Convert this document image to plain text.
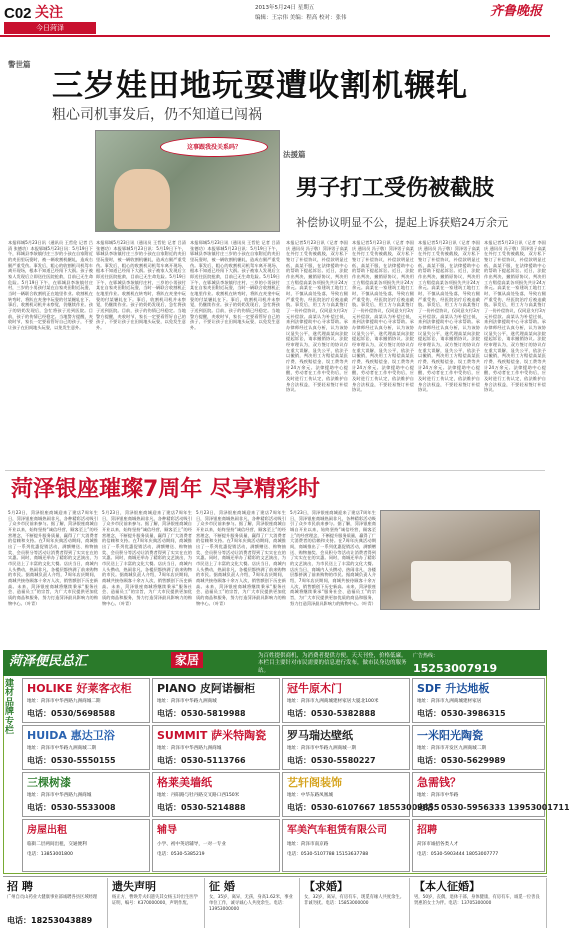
C02 关注
今日菏泽
2013年5月24日 星期五
编辑：王宗伟 美编：程高 校对：张伟	齐鲁晚报
警世篇
三岁娃田地玩耍遭收割机辗轧
粗心司机事发后，仍不知道已闯祸
这事跟我没关系吗？
本报郓城5月23日讯（通讯员 王哲伦 记者 吕清 张德功）本报郓城5月23日讯：5月19日下午，郓城县李垓镇付庄三岁的小孩在自家附近的麦田里玩耍时，被一辆收割机辗轧，造成右腿严重受伤。事发后，粗心的收割机司机驾车离开现场，根本不知道已经闯下大祸。孩子被家人发现后立即送往医院抢救，目前已无生命危险。5月19日下午，在郓城县李垓镇付庄村，三岁的小男孩付某在自家麦田附近玩耍，当时一辆联合收割机正在地里作业。收割机在转弯时，将趴在麦垄中玩耍的付某辗轧在下。事后，收割机司机并未察觉，仍继续作业。孩子的奶奶发现后，急忙将孩子送到医院。目前，孩子的伤情已经稳定。当地警方提醒，麦收时节，家长一定要看管好自己的孩子，不要让孩子在田间地头玩耍，以免发生意外。
本报郓城5月23日讯（通讯员 王哲伦 记者 吕清 张德功）本报郓城5月23日讯：5月19日下午，郓城县李垓镇付庄三岁的小孩在自家附近的麦田里玩耍时，被一辆收割机辗轧，造成右腿严重受伤。事发后，粗心的收割机司机驾车离开现场，根本不知道已经闯下大祸。孩子被家人发现后立即送往医院抢救，目前已无生命危险。5月19日下午，在郓城县李垓镇付庄村，三岁的小男孩付某在自家麦田附近玩耍，当时一辆联合收割机正在地里作业。收割机在转弯时，将趴在麦垄中玩耍的付某辗轧在下。事后，收割机司机并未察觉，仍继续作业。孩子的奶奶发现后，急忙将孩子送到医院。目前，孩子的伤情已经稳定。当地警方提醒，麦收时节，家长一定要看管好自己的孩子，不要让孩子在田间地头玩耍，以免发生意外。
本报郓城5月23日讯（通讯员 王哲伦 记者 吕清 张德功）本报郓城5月23日讯：5月19日下午，郓城县李垓镇付庄三岁的小孩在自家附近的麦田里玩耍时，被一辆收割机辗轧，造成右腿严重受伤。事发后，粗心的收割机司机驾车离开现场，根本不知道已经闯下大祸。孩子被家人发现后立即送往医院抢救，目前已无生命危险。5月19日下午，在郓城县李垓镇付庄村，三岁的小男孩付某在自家麦田附近玩耍，当时一辆联合收割机正在地里作业。收割机在转弯时，将趴在麦垄中玩耍的付某辗轧在下。事后，收割机司机并未察觉，仍继续作业。孩子的奶奶发现后，急忙将孩子送到医院。目前，孩子的伤情已经稳定。当地警方提醒，麦收时节，家长一定要看管好自己的孩子，不要让孩子在田间地头玩耍，以免发生意外。
法援篇
男子打工受伤被截肢
补偿协议明显不公，提起上诉获赔24万余元
本报记者5月23日讯（记者 李国庆 通讯员 冯子敬）菏泽男子高某在外打工受伤被截肢，双方私下签订了补偿协议，补偿款明显过低，高某不服，在法律援助中心的帮助下提起诉讼。近日，法院作出判决，撤销原协议，判决用工方赔偿高某各项损失共计24万余元。高某在一家建筑工地打工时，不慎从高处坠落，导致右腿严重受伤，经医院治疗后被迫截肢。事发后，用工方与高某签订了一份补偿协议，仅同意支付3万元补偿款。高某认为补偿过低，来到法律援助中心寻求帮助。承办律师经过认真分析，认为该协议显失公平，遂代理高某向法院提起诉讼，请求撤销协议。法院经审理认为，双方签订的协议存在重大误解，显失公平，依法予以撤销，判决用工方赔偿高某医疗费、残疾赔偿金、误工费等共计24万余元。法律援助中心提醒，劳动者在工作中受伤后，应及时进行工伤认定，依法维护自身合法权益，不要轻易签订补偿协议。
本报记者5月23日讯（记者 李国庆 通讯员 冯子敬）菏泽男子高某在外打工受伤被截肢，双方私下签订了补偿协议，补偿款明显过低，高某不服，在法律援助中心的帮助下提起诉讼。近日，法院作出判决，撤销原协议，判决用工方赔偿高某各项损失共计24万余元。高某在一家建筑工地打工时，不慎从高处坠落，导致右腿严重受伤，经医院治疗后被迫截肢。事发后，用工方与高某签订了一份补偿协议，仅同意支付3万元补偿款。高某认为补偿过低，来到法律援助中心寻求帮助。承办律师经过认真分析，认为该协议显失公平，遂代理高某向法院提起诉讼，请求撤销协议。法院经审理认为，双方签订的协议存在重大误解，显失公平，依法予以撤销，判决用工方赔偿高某医疗费、残疾赔偿金、误工费等共计24万余元。法律援助中心提醒，劳动者在工作中受伤后，应及时进行工伤认定，依法维护自身合法权益，不要轻易签订补偿协议。
本报记者5月23日讯（记者 李国庆 通讯员 冯子敬）菏泽男子高某在外打工受伤被截肢，双方私下签订了补偿协议，补偿款明显过低，高某不服，在法律援助中心的帮助下提起诉讼。近日，法院作出判决，撤销原协议，判决用工方赔偿高某各项损失共计24万余元。高某在一家建筑工地打工时，不慎从高处坠落，导致右腿严重受伤，经医院治疗后被迫截肢。事发后，用工方与高某签订了一份补偿协议，仅同意支付3万元补偿款。高某认为补偿过低，来到法律援助中心寻求帮助。承办律师经过认真分析，认为该协议显失公平，遂代理高某向法院提起诉讼，请求撤销协议。法院经审理认为，双方签订的协议存在重大误解，显失公平，依法予以撤销，判决用工方赔偿高某医疗费、残疾赔偿金、误工费等共计24万余元。法律援助中心提醒，劳动者在工作中受伤后，应及时进行工伤认定，依法维护自身合法权益，不要轻易签订补偿协议。
本报记者5月23日讯（记者 李国庆 通讯员 冯子敬）菏泽男子高某在外打工受伤被截肢，双方私下签订了补偿协议，补偿款明显过低，高某不服，在法律援助中心的帮助下提起诉讼。近日，法院作出判决，撤销原协议，判决用工方赔偿高某各项损失共计24万余元。高某在一家建筑工地打工时，不慎从高处坠落，导致右腿严重受伤，经医院治疗后被迫截肢。事发后，用工方与高某签订了一份补偿协议，仅同意支付3万元补偿款。高某认为补偿过低，来到法律援助中心寻求帮助。承办律师经过认真分析，认为该协议显失公平，遂代理高某向法院提起诉讼，请求撤销协议。法院经审理认为，双方签订的协议存在重大误解，显失公平，依法予以撤销，判决用工方赔偿高某医疗费、残疾赔偿金、误工费等共计24万余元。法律援助中心提醒，劳动者在工作中受伤后，应及时进行工伤认定，依法维护自身合法权益，不要轻易签订补偿协议。
菏泽银座璀璨7周年 尽享精彩时
5月23日，菏泽银座商城迎来了建店7周年生日，菏泽银座商城热闹非凡，各种精彩活动吸引了众多市民前来参与。据了解，菏泽银座商城自开业以来，始终坚持“诚信经营，顾客至上”的经营理念，不断提升服务质量，赢得了广大消费者的信赖和支持。在7周年庆典活动期间，商城推出了一系列优惠促销活动，满额赠送、购物抽奖、会员积分等活动让消费者得到了实实在在的实惠。同时，商城还举办了精彩的文艺演出，为市民送上了丰富的文化大餐。店庆当日，商城内人头攒动，热闹非凡，各楼层都挤满了前来购物的市民。据商城负责人介绍，7周年店庆期间，商城共接待顾客十余万人次，销售额创下历史新高。未来，菏泽银座商城将继续秉承“服务社会、造福员工”的宗旨，为广大市民提供更加优质的商品和服务，努力打造菏泽最具影响力的购物中心。（叶青）
5月23日，菏泽银座商城迎来了建店7周年生日，菏泽银座商城热闹非凡，各种精彩活动吸引了众多市民前来参与。据了解，菏泽银座商城自开业以来，始终坚持“诚信经营，顾客至上”的经营理念，不断提升服务质量，赢得了广大消费者的信赖和支持。在7周年庆典活动期间，商城推出了一系列优惠促销活动，满额赠送、购物抽奖、会员积分等活动让消费者得到了实实在在的实惠。同时，商城还举办了精彩的文艺演出，为市民送上了丰富的文化大餐。店庆当日，商城内人头攒动，热闹非凡，各楼层都挤满了前来购物的市民。据商城负责人介绍，7周年店庆期间，商城共接待顾客十余万人次，销售额创下历史新高。未来，菏泽银座商城将继续秉承“服务社会、造福员工”的宗旨，为广大市民提供更加优质的商品和服务，努力打造菏泽最具影响力的购物中心。（叶青）
5月23日，菏泽银座商城迎来了建店7周年生日，菏泽银座商城热闹非凡，各种精彩活动吸引了众多市民前来参与。据了解，菏泽银座商城自开业以来，始终坚持“诚信经营，顾客至上”的经营理念，不断提升服务质量，赢得了广大消费者的信赖和支持。在7周年庆典活动期间，商城推出了一系列优惠促销活动，满额赠送、购物抽奖、会员积分等活动让消费者得到了实实在在的实惠。同时，商城还举办了精彩的文艺演出，为市民送上了丰富的文化大餐。店庆当日，商城内人头攒动，热闹非凡，各楼层都挤满了前来购物的市民。据商城负责人介绍，7周年店庆期间，商城共接待顾客十余万人次，销售额创下历史新高。未来，菏泽银座商城将继续秉承“服务社会、造福员工”的宗旨，为广大市民提供更加优质的商品和服务，努力打造菏泽最具影响力的购物中心。（叶青）
5月23日，菏泽银座商城迎来了建店7周年生日，菏泽银座商城热闹非凡，各种精彩活动吸引了众多市民前来参与。据了解，菏泽银座商城自开业以来，始终坚持“诚信经营，顾客至上”的经营理念，不断提升服务质量，赢得了广大消费者的信赖和支持。在7周年庆典活动期间，商城推出了一系列优惠促销活动，满额赠送、购物抽奖、会员积分等活动让消费者得到了实实在在的实惠。同时，商城还举办了精彩的文艺演出，为市民送上了丰富的文化大餐。店庆当日，商城内人头攒动，热闹非凡，各楼层都挤满了前来购物的市民。据商城负责人介绍，7周年店庆期间，商城共接待顾客十余万人次，销售额创下历史新高。未来，菏泽银座商城将继续秉承“服务社会、造福员工”的宗旨，为广大市民提供更加优质的商品和服务，努力打造菏泽最具影响力的购物中心。（叶青）
菏泽便民总汇	家居	为百姓提供商机，为消费者提供方便。天天刊登，价格低廉。本栏目主要针对市民需要的信息进行发布，做市民身边的服务站。
广告热线：
15253007919
建材品牌专栏
HOLIKE 好莱客衣柜
地址：菏泽市中华西路九洲商城二期
电话：0530/5698588
PIANO 皮阿诺橱柜
地址：菏泽市中华路九洲商城
电话：0530-5819988
冠牛原木门
地址：菏泽市九洲商城建材家居大厦北100米
电话：0530-5382888
SDF 升达地板
地址：菏泽市九洲商城建材家居
电话：0530-3986315
HUIDA 惠达卫浴
地址：菏泽市中华路九洲商城二期
电话：0530-5550155
SUMMIT 萨米特陶瓷
地址：菏泽市中华西路九洲商城
电话：0530-5113766
罗马瑞达壁纸
地址：菏泽市中华路九洲商城一期
电话：0530-5580227
一米阳光陶瓷
地址：菏泽市开发区九洲商城二期
电话：0530-5629989
三棵树漆
地址：菏泽市中华西路九洲商城
电话：0530-5533008
格莱美墙纸
地址：丹阳路与牡丹路交叉路口西150米
电话：0530-5214888
艺轩阁装饰
地址：中华东路凤凰城
电话：0530-6107667 18553009855
急需钱？
地址：菏泽市中华路
电话：0530-5956333 13953001711
房屋出租
临街二层两间出租，交通便利
电话：13853001800
辅导
小学、初中英语辅导，一对一专业
电话：0530-5385219
军美汽车租赁有限公司
地址：菏泽市南京路
电话：0530-5107788 15153637788
招聘
菏泽市诚招各类人才
电话：0530-5903444 18053007777
招 聘
广州自贡山药业大健康事业部诚聘各县区域经理
电话：18253043889
遗失声明
杨正方、曹焕芳夫妇遗失其女杨玉玲出生医学证明，编号：K370000000，声明作废。
征 婚
女，35岁，离异，无孩，身高1.62米，事业单位工作，诚寻诚心人共度余生。电话：13953000000
【求婚】
女，32岁，离异，有房有车，现觅有缘人共度余生。非诚勿扰。电话：15853000000
【本人征婚】
男，50岁，丧偶，退休干部，身体健康，有房有车，诚觅一位善良贤惠的女士为伴。电话：13705300000
